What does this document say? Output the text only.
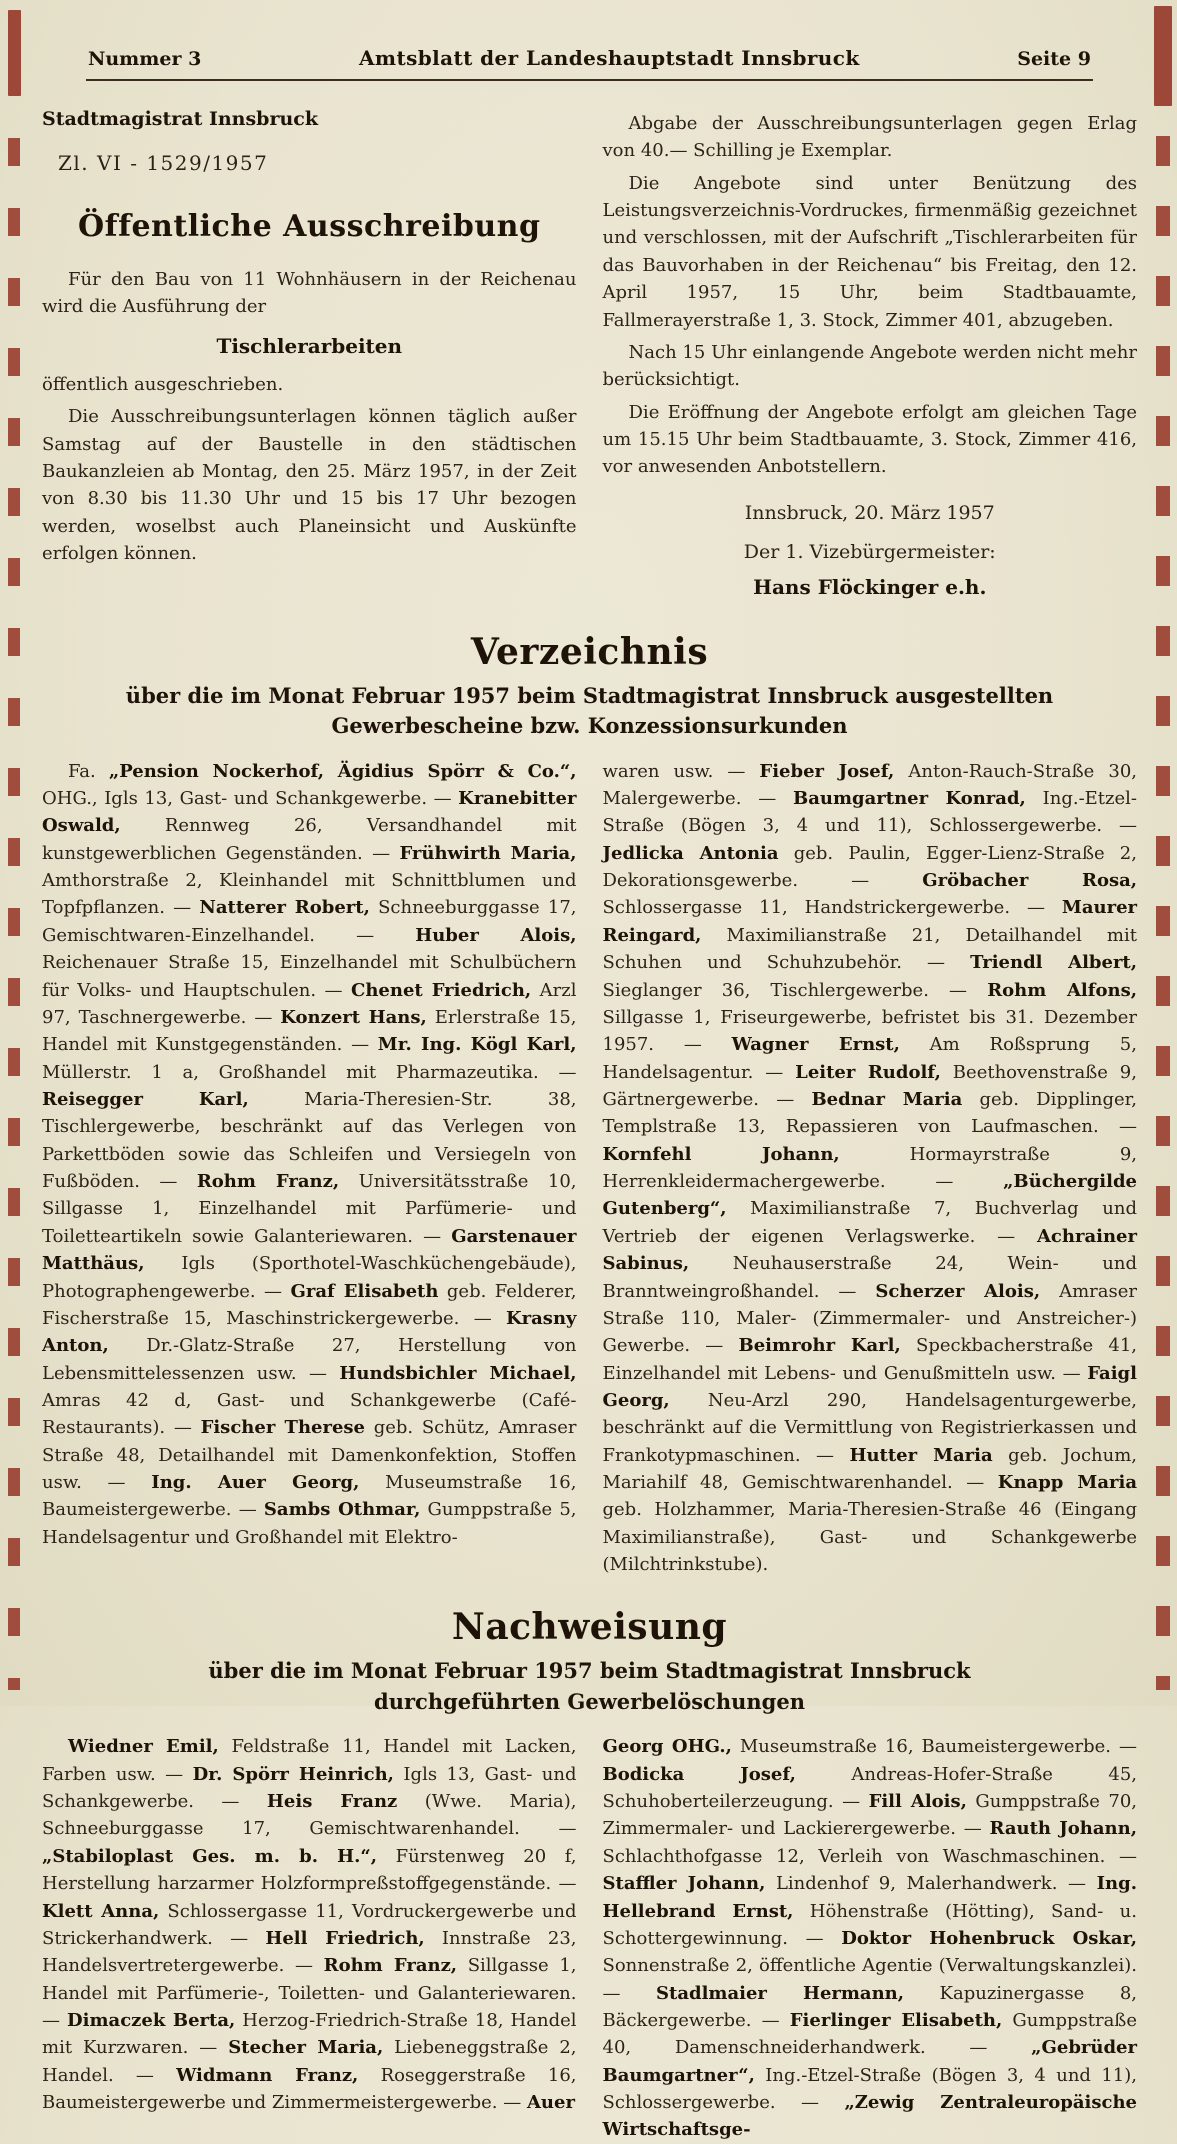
Nummer 3	Amtsblatt der Landeshauptstadt Innsbruck	Seite 9
Stadtmagistrat Innsbruck
Zl. VI - 1529/1957
Öffentliche Ausschreibung

Für den Bau von 11 Wohnhäusern in der Reichenau wird die Ausführung der

Tischlerarbeiten

öffentlich ausgeschrieben.

Die Ausschreibungsunterlagen können täglich außer Samstag auf der Baustelle in den städtischen Baukanzleien ab Montag, den 25. März 1957, in der Zeit von 8.30 bis 11.30 Uhr und 15 bis 17 Uhr bezogen werden, woselbst auch Planeinsicht und Auskünfte erfolgen können.

Abgabe der Ausschreibungsunterlagen gegen Erlag von 40.— Schilling je Exemplar.

Die Angebote sind unter Benützung des Leistungsverzeichnis-Vordruckes, firmenmäßig gezeichnet und verschlossen, mit der Aufschrift „Tischlerarbeiten für das Bauvorhaben in der Reichenau“ bis Freitag, den 12. April 1957, 15 Uhr, beim Stadtbauamte, Fallmerayerstraße 1, 3. Stock, Zimmer 401, abzugeben.

Nach 15 Uhr einlangende Angebote werden nicht mehr berücksichtigt.

Die Eröffnung der Angebote erfolgt am gleichen Tage um 15.15 Uhr beim Stadtbauamte, 3. Stock, Zimmer 416, vor anwesenden Anbotstellern.

Innsbruck, 20. März 1957
Der 1. Vizebürgermeister:
Hans Flöckinger e.h.
Verzeichnis
über die im Monat Februar 1957 beim Stadtmagistrat Innsbruck ausgestellten
Gewerbescheine bzw. Konzessionsurkunden

Fa. „Pension Nockerhof, Ägidius Spörr & Co.“, OHG., Igls 13, Gast- und Schankgewerbe. — Kranebitter Oswald, Rennweg 26, Versandhandel mit kunstgewerblichen Gegenständen. — Frühwirth Maria, Amthorstraße 2, Kleinhandel mit Schnittblumen und Topfpflanzen. — Natterer Robert, Schneeburggasse 17, Gemischtwaren-Einzelhandel. — Huber Alois, Reichenauer Straße 15, Einzelhandel mit Schulbüchern für Volks- und Hauptschulen. — Chenet Friedrich, Arzl 97, Taschnergewerbe. — Konzert Hans, Erlerstraße 15, Handel mit Kunstgegenständen. — Mr. Ing. Kögl Karl, Müllerstr. 1 a, Großhandel mit Pharmazeutika. — Reisegger Karl, Maria-Theresien-Str. 38, Tischlergewerbe, beschränkt auf das Verlegen von Parkettböden sowie das Schleifen und Versiegeln von Fußböden. — Rohm Franz, Universitätsstraße 10, Sillgasse 1, Einzelhandel mit Parfümerie- und Toiletteartikeln sowie Galanteriewaren. — Garstenauer Matthäus, Igls (Sporthotel-Waschküchengebäude), Photographengewerbe. — Graf Elisabeth geb. Felderer, Fischerstraße 15, Maschinstrickergewerbe. — Krasny Anton, Dr.-Glatz-Straße 27, Herstellung von Lebensmittelessenzen usw. — Hundsbichler Michael, Amras 42 d, Gast- und Schankgewerbe (Café-Restaurants). — Fischer Therese geb. Schütz, Amraser Straße 48, Detailhandel mit Damenkonfektion, Stoffen usw. — Ing. Auer Georg, Museumstraße 16, Baumeistergewerbe. — Sambs Othmar, Gumppstraße 5, Handelsagentur und Großhandel mit Elektro-

waren usw. — Fieber Josef, Anton-Rauch-Straße 30, Malergewerbe. — Baumgartner Konrad, Ing.-Etzel-Straße (Bögen 3, 4 und 11), Schlossergewerbe. — Jedlicka Antonia geb. Paulin, Egger-Lienz-Straße 2, Dekorationsgewerbe. — Gröbacher Rosa, Schlossergasse 11, Handstrickergewerbe. — Maurer Reingard, Maximilianstraße 21, Detailhandel mit Schuhen und Schuhzubehör. — Triendl Albert, Sieglanger 36, Tischlergewerbe. — Rohm Alfons, Sillgasse 1, Friseurgewerbe, befristet bis 31. Dezember 1957. — Wagner Ernst, Am Roßsprung 5, Handelsagentur. — Leiter Rudolf, Beethovenstraße 9, Gärtnergewerbe. — Bednar Maria geb. Dipplinger, Templstraße 13, Repassieren von Laufmaschen. — Kornfehl Johann, Hormayrstraße 9, Herrenkleidermachergewerbe. — „Büchergilde Gutenberg“, Maximilianstraße 7, Buchverlag und Vertrieb der eigenen Verlagswerke. — Achrainer Sabinus, Neuhauserstraße 24, Wein- und Branntweingroßhandel. — Scherzer Alois, Amraser Straße 110, Maler- (Zimmermaler- und Anstreicher-) Gewerbe. — Beimrohr Karl, Speckbacherstraße 41, Einzelhandel mit Lebens- und Genußmitteln usw. — Faigl Georg, Neu-Arzl 290, Handelsagenturgewerbe, beschränkt auf die Vermittlung von Registrierkassen und Frankotypmaschinen. — Hutter Maria geb. Jochum, Mariahilf 48, Gemischtwarenhandel. — Knapp Maria geb. Holzhammer, Maria-Theresien-Straße 46 (Eingang Maximilianstraße), Gast- und Schankgewerbe (Milchtrinkstube).

Nachweisung
über die im Monat Februar 1957 beim Stadtmagistrat Innsbruck
durchgeführten Gewerbelöschungen

Wiedner Emil, Feldstraße 11, Handel mit Lacken, Farben usw. — Dr. Spörr Heinrich, Igls 13, Gast- und Schankgewerbe. — Heis Franz (Wwe. Maria), Schneeburggasse 17, Gemischtwarenhandel. — „Stabiloplast Ges. m. b. H.“, Fürstenweg 20 f, Herstellung harzarmer Holzformpreßstoffgegenstände. — Klett Anna, Schlossergasse 11, Vordruckergewerbe und Strickerhandwerk. — Hell Friedrich, Innstraße 23, Handelsvertretergewerbe. — Rohm Franz, Sillgasse 1, Handel mit Parfümerie-, Toiletten- und Galanteriewaren. — Dimaczek Berta, Herzog-Friedrich-Straße 18, Handel mit Kurzwaren. — Stecher Maria, Liebeneggstraße 2, Handel. — Widmann Franz, Roseggerstraße 16, Baumeistergewerbe und Zimmermeistergewerbe. — Auer

Georg OHG., Museumstraße 16, Baumeistergewerbe. — Bodicka Josef, Andreas-Hofer-Straße 45, Schuhoberteilerzeugung. — Fill Alois, Gumppstraße 70, Zimmermaler- und Lackierergewerbe. — Rauth Johann, Schlachthofgasse 12, Verleih von Waschmaschinen. — Staffler Johann, Lindenhof 9, Malerhandwerk. — Ing. Hellebrand Ernst, Höhenstraße (Hötting), Sand- u. Schottergewinnung. — Doktor Hohenbruck Oskar, Sonnenstraße 2, öffentliche Agentie (Verwaltungskanzlei). — Stadlmaier Hermann, Kapuzinergasse 8, Bäckergewerbe. — Fierlinger Elisabeth, Gumppstraße 40, Damenschneiderhandwerk. — „Gebrüder Baumgartner“, Ing.-Etzel-Straße (Bögen 3, 4 und 11), Schlossergewerbe. — „Zewig Zentraleuropäische Wirtschaftsge-
